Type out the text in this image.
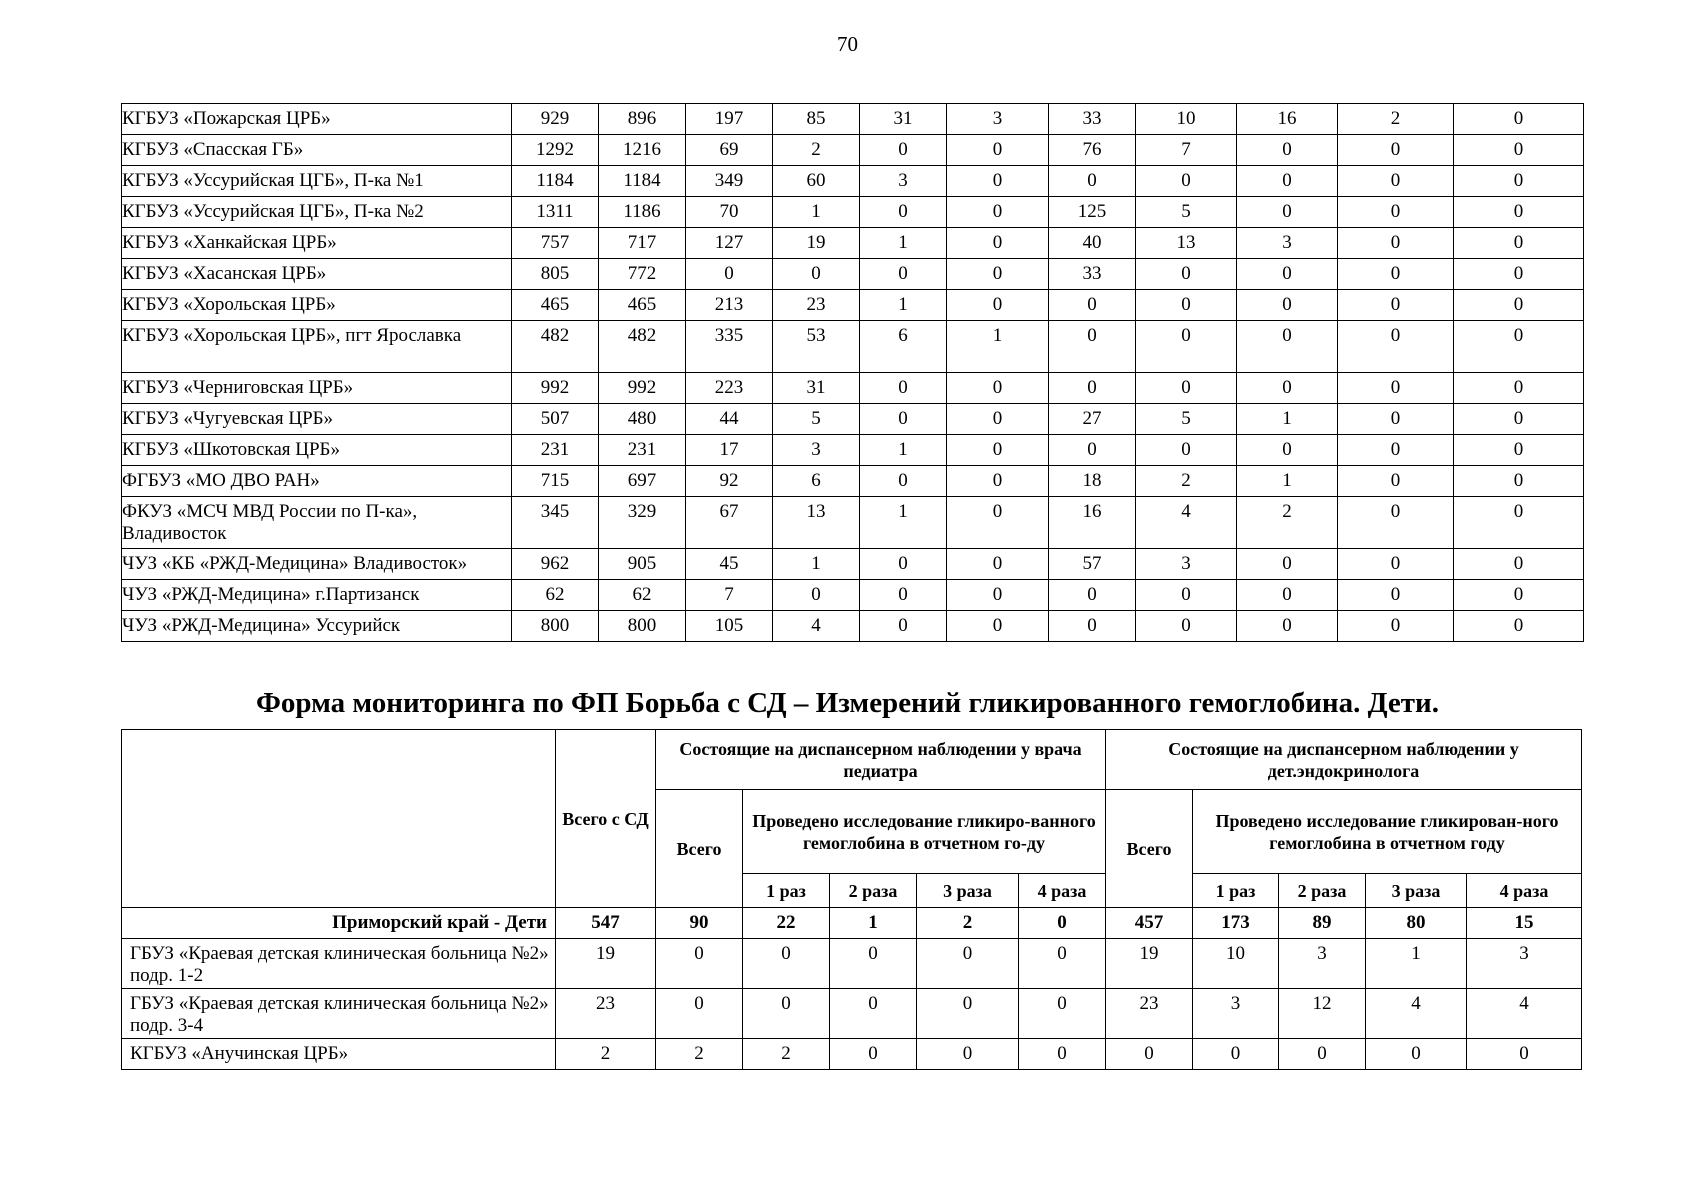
70
КГБУЗ «Пожарская ЦРБ»	929	896	197	85	31	3	33	10	16	2	0
КГБУЗ «Спасская ГБ»	1292	1216	69	2	0	0	76	7	0	0	0
КГБУЗ «Уссурийская ЦГБ», П-ка №1	1184	1184	349	60	3	0	0	0	0	0	0
КГБУЗ «Уссурийская ЦГБ», П-ка №2	1311	1186	70	1	0	0	125	5	0	0	0
КГБУЗ «Ханкайская ЦРБ»	757	717	127	19	1	0	40	13	3	0	0
КГБУЗ «Хасанская ЦРБ»	805	772	0	0	0	0	33	0	0	0	0
КГБУЗ «Хорольская ЦРБ»	465	465	213	23	1	0	0	0	0	0	0
КГБУЗ «Хорольская ЦРБ», пгт Ярославка	482	482	335	53	6	1	0	0	0	0	0
КГБУЗ «Черниговская ЦРБ»	992	992	223	31	0	0	0	0	0	0	0
КГБУЗ «Чугуевская ЦРБ»	507	480	44	5	0	0	27	5	1	0	0
КГБУЗ «Шкотовская ЦРБ»	231	231	17	3	1	0	0	0	0	0	0
ФГБУЗ «МО ДВО РАН»	715	697	92	6	0	0	18	2	1	0	0
ФКУЗ «МСЧ МВД России по П-ка», Владивосток	345	329	67	13	1	0	16	4	2	0	0
ЧУЗ «КБ «РЖД-Медицина» Владивосток»	962	905	45	1	0	0	57	3	0	0	0
ЧУЗ «РЖД-Медицина» г.Партизанск	62	62	7	0	0	0	0	0	0	0	0
ЧУЗ «РЖД-Медицина» Уссурийск	800	800	105	4	0	0	0	0	0	0	0
Форма мониторинга по ФП Борьба с СД – Измерений гликированного гемоглобина. Дети.
	Всего с СД	Состоящие на диспансерном наблюдении у врача педиатра					Состоящие на диспансерном наблюдении у дет.эндокринолога				
		Всего	Проведено исследование гликиро-ванного гемоглобина в отчетном го-ду				Всего	Проведено исследование гликирован-ного гемоглобина в отчетном году			
			1 раз	2 раза	3 раза	4 раза		1 раз	2 раза	3 раза	4 раза
Приморский край - Дети	547	90	22	1	2	0	457	173	89	80	15
ГБУЗ «Краевая детская клиническая больница №2» подр. 1-2	19	0	0	0	0	0	19	10	3	1	3
ГБУЗ «Краевая детская клиническая больница №2» подр. 3-4	23	0	0	0	0	0	23	3	12	4	4
КГБУЗ «Анучинская ЦРБ»	2	2	2	0	0	0	0	0	0	0	0
